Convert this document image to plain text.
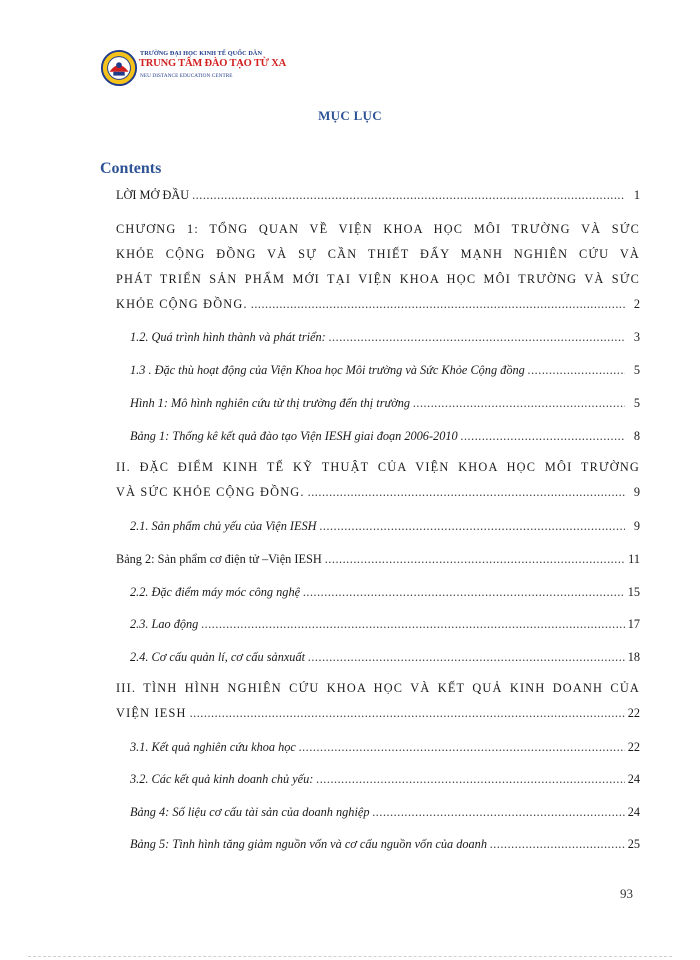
TRƯỜNG ĐẠI HỌC KINH TẾ QUỐC DÂN
TRUNG TÂM ĐÀO TẠO TỪ XA
NEU DISTANCE EDUCATION CENTRE
MỤC LỤC
Contents
LỜI MỞ ĐẦU .....	1
CHƯƠNG 1: TỔNG QUAN VỀ VIỆN KHOA HỌC MÔI TRƯỜNG VÀ SỨC
KHỎE CỘNG ĐỒNG VÀ SỰ CẦN THIẾT ĐẨY MẠNH NGHIÊN CỨU VÀ
PHÁT TRIỂN SẢN PHẨM MỚI TẠI VIỆN KHOA HỌC MÔI TRƯỜNG VÀ SỨC
KHỎE CỘNG ĐỒNG. .....	2
1.2. Quá trình hình thành và phát triển: .....	3
1.3 . Đặc thù hoạt động của Viện Khoa học Môi trường và Sức Khỏe Cộng đồng .....	5
Hình 1: Mô hình nghiên cứu từ thị trường đến thị trường .....	5
Bảng 1: Thống kê kết quả đào tạo Viện IESH giai đoạn 2006-2010 .....	8
II. ĐẶC ĐIỂM KINH TẾ KỸ THUẬT CỦA VIỆN KHOA HỌC MÔI TRƯỜNG
VÀ SỨC KHỎE CỘNG ĐỒNG. .....	9
2.1. Sản phẩm chủ yếu của Viện IESH .....	9
Bảng 2: Sản phẩm cơ điện tử –Viện IESH .....	11
2.2. Đặc điểm máy móc công nghệ .....	15
2.3. Lao động .....	17
2.4. Cơ cấu quản lí, cơ cấu sảnxuất .....	18
III. TÌNH HÌNH NGHIÊN CỨU KHOA HỌC VÀ KẾT QUẢ KINH DOANH CỦA
VIỆN IESH .....	22
3.1. Kết quả nghiên cứu khoa học .....	22
3.2. Các kết quả kinh doanh chủ yếu: .....	24
Bảng 4: Số liệu cơ cấu tài sản của doanh nghiệp .....	24
Bảng 5: Tình hình tăng giảm nguồn vốn và cơ cấu nguồn vốn của doanh .....	25
93
